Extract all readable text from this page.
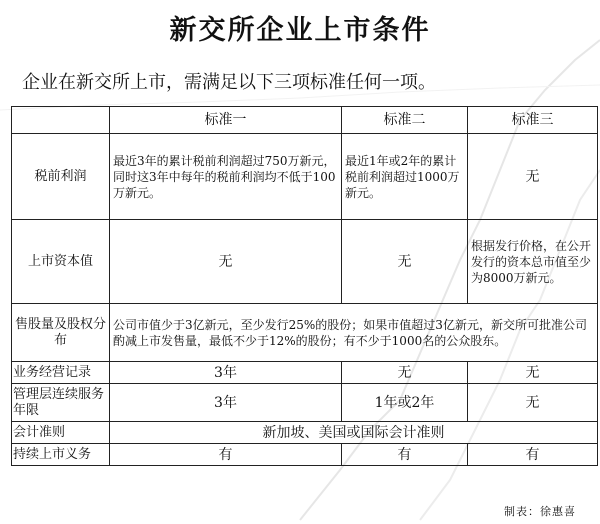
新交所企业上市条件
企业在新交所上市，需满足以下三项标准任何一项。
	标准一	标准二	标准三
税前利润	最近3年的累计税前利润超过750万新元，同时这3年中每年的税前利润均不低于100万新元。	最近1年或2年的累计税前利润超过1000万新元。	无
上市资本值	无	无	根据发行价格，在公开发行的资本总市值至少为8000万新元。
售股量及股权分布	公司市值少于3亿新元，至少发行25%的股份；如果市值超过3亿新元，新交所可批准公司酌减上市发售量，最低不少于12%的股份；有不少于1000名的公众股东。		
业务经营记录	3年	无	无
管理层连续服务年限	3年	1年或2年	无
会计准则	新加坡、美国或国际会计准则		
持续上市义务	有	有	有
制表：徐惠喜
